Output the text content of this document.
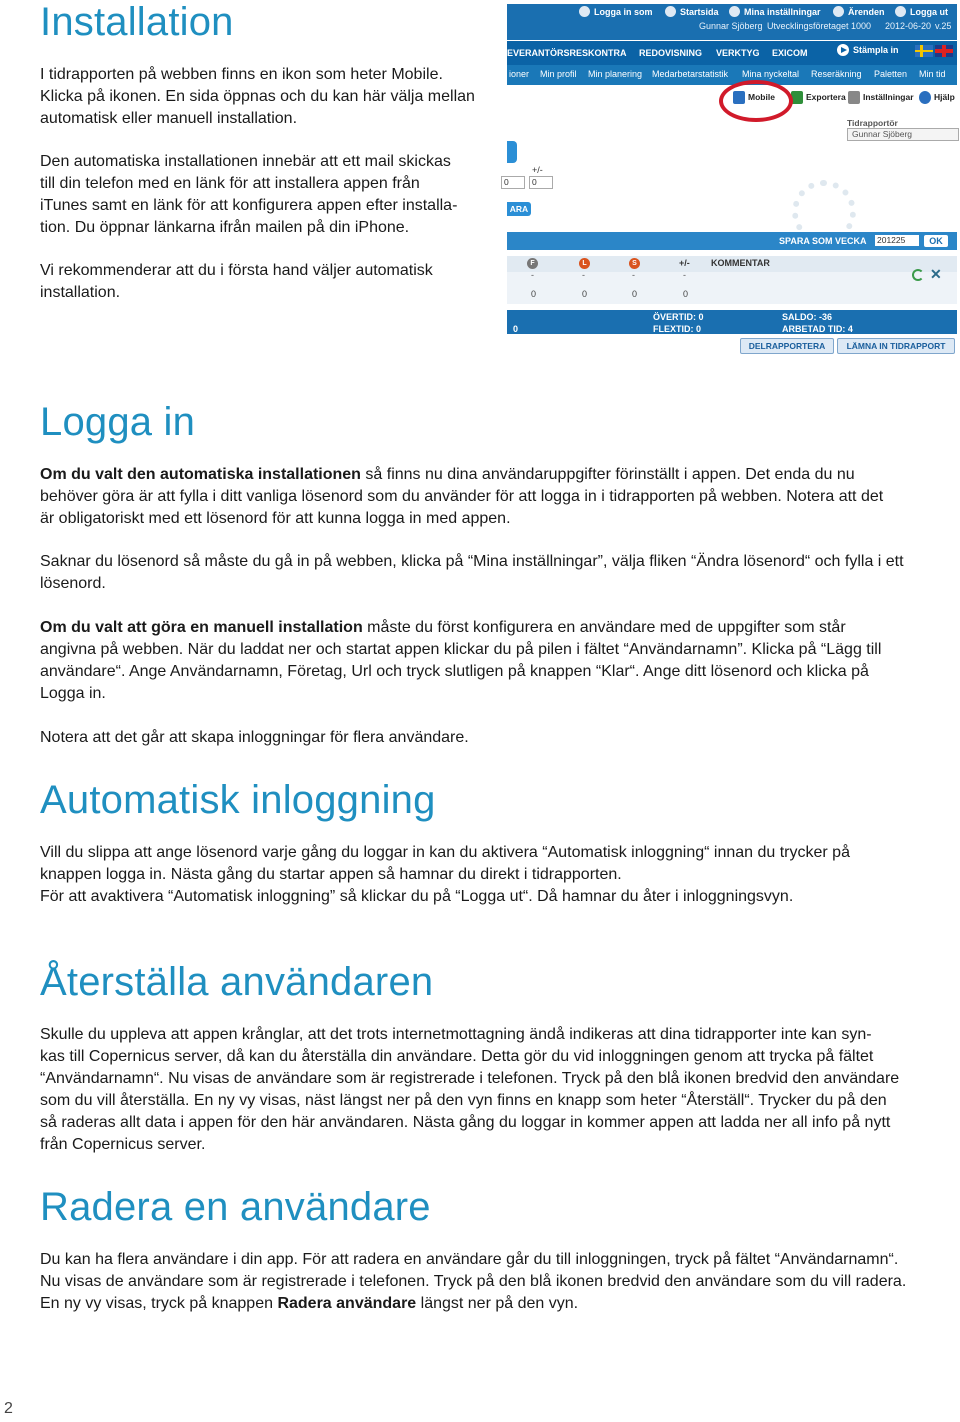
Installation

I tidrapporten på webben finns en ikon som heter Mobile.
Klicka på ikonen. En sida öppnas och du kan här välja mellan
automatisk eller manuell installation.

Den automatiska installationen innebär att ett mail skickas
till din telefon med en länk för att installera appen från
iTunes samt en länk för att konfigurera appen efter installa-
tion. Du öppnar länkarna ifrån mailen på din iPhone.

Vi rekommenderar att du i första hand väljer automatisk
installation.

Logga in som	Startsida	Mina inställningar	Ärenden	Logga ut
Gunnar Sjöberg Utvecklingsföretaget 1000 2012-06-20 v.25
EVERANTÖRSRESKONTRA REDOVISNING VERKTYG EXICOM	Stämpla in
ioner Min profil Min planering Medarbetarstatistik Mina nyckeltal Reseräkning Paletten Min tid
Mobile	Exportera Inställningar Hjälp
Tidrapportör
Gunnar Sjöberg
+/-
0	0
ARA
SPARA SOM VECKA 201225	OK
F	L	S	+/- KOMMENTAR
-	-	-	-
0	0	0	0
✕
ÖVERTID: 0
FLEXTID: 0
SALDO: -36
ARBETAD TID: 4
0
DELRAPPORTERA	LÄMNA IN TIDRAPPORT
Logga in

Om du valt den automatiska installationen så finns nu dina användaruppgifter förinställt i appen. Det enda du nu
behöver göra är att fylla i ditt vanliga lösenord som du använder för att logga in i tidrapporten på webben. Notera att det
är obligatoriskt med ett lösenord för att kunna logga in med appen.

Saknar du lösenord så måste du gå in på webben, klicka på “Mina inställningar”, välja fliken “Ändra lösenord“ och fylla i ett
lösenord.

Om du valt att göra en manuell installation måste du först konfigurera en användare med de uppgifter som står
angivna på webben. När du laddat ner och startat appen klickar du på pilen i fältet “Användarnamn”. Klicka på “Lägg till
användare“. Ange Användarnamn, Företag, Url och tryck slutligen på knappen “Klar“. Ange ditt lösenord och klicka på
Logga in.

Notera att det går att skapa inloggningar för flera användare.

Automatisk inloggning

Vill du slippa att ange lösenord varje gång du loggar in kan du aktivera “Automatisk inloggning“ innan du trycker på
knappen logga in. Nästa gång du startar appen så hamnar du direkt i tidrapporten.
För att avaktivera “Automatisk inloggning” så klickar du på “Logga ut“. Då hamnar du åter i inloggningsvyn.

Återställa användaren

Skulle du uppleva att appen krånglar, att det trots internetmottagning ändå indikeras att dina tidrapporter inte kan syn-
kas till Copernicus server, då kan du återställa din användare. Detta gör du vid inloggningen genom att trycka på fältet
“Användarnamn“. Nu visas de användare som är registrerade i telefonen. Tryck på den blå ikonen bredvid den användare
som du vill återställa. En ny vy visas, näst längst ner på den vyn finns en knapp som heter “Återställ“. Trycker du på den
så raderas allt data i appen för den här användaren. Nästa gång du loggar in kommer appen att ladda ner all info på nytt
från Copernicus server.

Radera en användare

Du kan ha flera användare i din app. För att radera en användare går du till inloggningen, tryck på fältet “Användarnamn“.
Nu visas de användare som är registrerade i telefonen. Tryck på den blå ikonen bredvid den användare som du vill radera.
En ny vy visas, tryck på knappen Radera användare längst ner på den vyn.

2
